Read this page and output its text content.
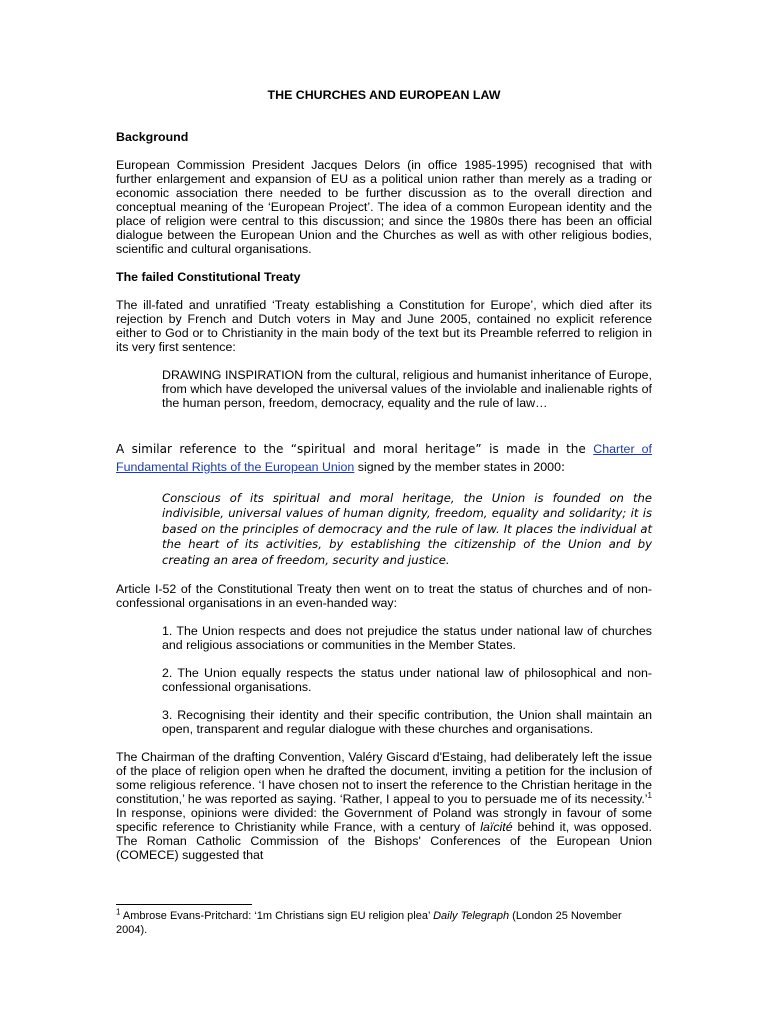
THE CHURCHES AND EUROPEAN LAW
Background
European Commission President Jacques Delors (in office 1985-1995) recognised that with further enlargement and expansion of EU as a political union rather than merely as a trading or economic association there needed to be further discussion as to the overall direction and conceptual meaning of the ‘European Project’. The idea of a common European identity and the place of religion were central to this discussion; and since the 1980s there has been an official dialogue between the European Union and the Churches as well as with other religious bodies, scientific and cultural organisations.
The failed Constitutional Treaty
The ill-fated and unratified ‘Treaty establishing a Constitution for Europe’, which died after its rejection by French and Dutch voters in May and June 2005, contained no explicit reference either to God or to Christianity in the main body of the text but its Preamble referred to religion in its very first sentence:
DRAWING INSPIRATION from the cultural, religious and humanist inheritance of Europe, from which have developed the universal values of the inviolable and inalienable rights of the human person, freedom, democracy, equality and the rule of law…
A similar reference to the “spiritual and moral heritage” is made in the Charter of Fundamental Rights of the European Union signed by the member states in 2000:
Conscious of its spiritual and moral heritage, the Union is founded on the indivisible, universal values of human dignity, freedom, equality and solidarity; it is based on the principles of democracy and the rule of law. It places the individual at the heart of its activities, by establishing the citizenship of the Union and by creating an area of freedom, security and justice.
Article I-52 of the Constitutional Treaty then went on to treat the status of churches and of non-confessional organisations in an even-handed way:
1. The Union respects and does not prejudice the status under national law of churches and religious associations or communities in the Member States.
2. The Union equally respects the status under national law of philosophical and non-confessional organisations.
3. Recognising their identity and their specific contribution, the Union shall maintain an open, transparent and regular dialogue with these churches and organisations.
The Chairman of the drafting Convention, Valéry Giscard d'Estaing, had deliberately left the issue of the place of religion open when he drafted the document, inviting a petition for the inclusion of some religious reference. ‘I have chosen not to insert the reference to the Christian heritage in the constitution,’ he was reported as saying. ‘Rather, I appeal to you to persuade me of its necessity.’$^1$ In response, opinions were divided: the Government of Poland was strongly in favour of some specific reference to Christianity while France, with a century of laïcité behind it, was opposed. The Roman Catholic Commission of the Bishops' Conferences of the European Union (COMECE) suggested that
$^1$ Ambrose Evans-Pritchard: ‘1m Christians sign EU religion plea’ Daily Telegraph (London 25 November 2004).
